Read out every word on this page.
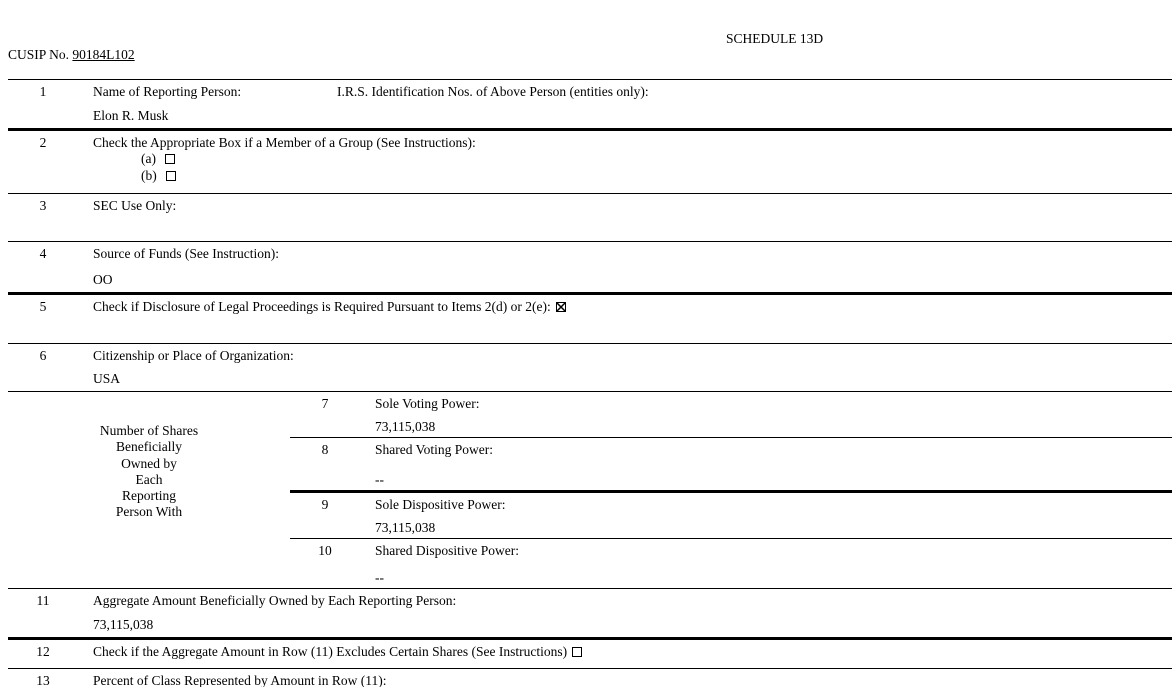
SCHEDULE 13D
CUSIP No. 90184L102
1	Name of Reporting Person:	I.R.S. Identification Nos. of Above Person (entities only):
Elon R. Musk
2	Check the Appropriate Box if a Member of a Group (See Instructions):
(a)
(b)
3	SEC Use Only:
4	Source of Funds (See Instruction):
OO
5	Check if Disclosure of Legal Proceedings is Required Pursuant to Items 2(d) or 2(e):
6	Citizenship or Place of Organization:
USA
Number of Shares
Beneficially
Owned by
Each
Reporting
Person With
7	Sole Voting Power:
73,115,038
8	Shared Voting Power:
--
9	Sole Dispositive Power:
73,115,038
10	Shared Dispositive Power:
--
11	Aggregate Amount Beneficially Owned by Each Reporting Person:
73,115,038
12	Check if the Aggregate Amount in Row (11) Excludes Certain Shares (See Instructions)
13	Percent of Class Represented by Amount in Row (11):
